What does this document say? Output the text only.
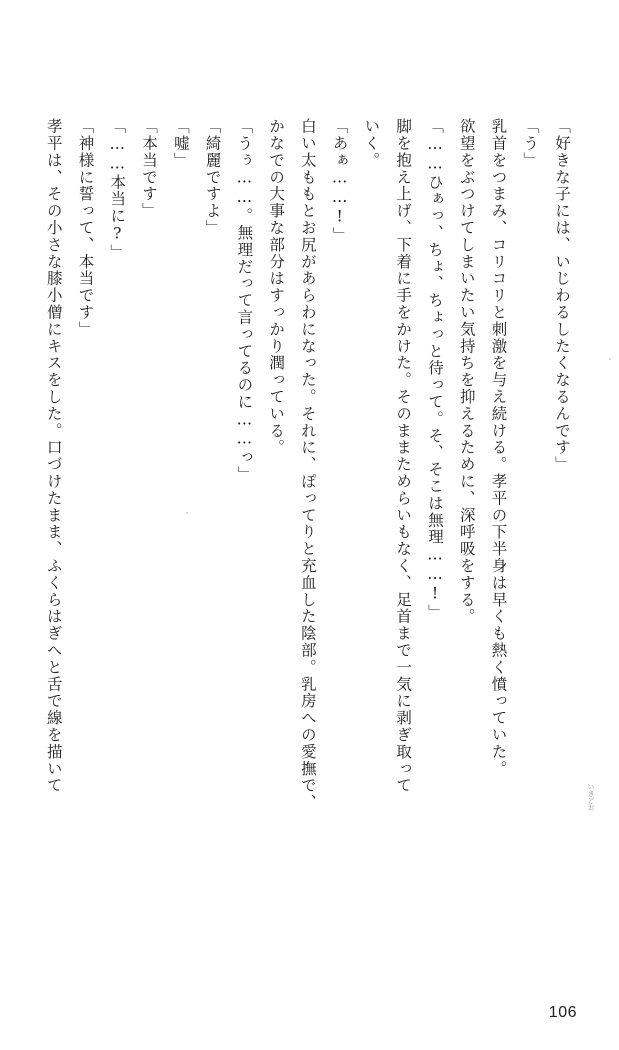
「好きな子には、いじわるしたくなるんです」
「う」
乳首をつまみ、コリコリと刺激を与え続ける。孝平の下半身は早くも熱く憤っていた。
欲望をぶつけてしまいたい気持ちを抑えるために、深呼吸をする。
「……ひぁっ、ちょ、ちょっと待って。そ、そこは無理……!」
脚を抱え上げ、下着に手をかけた。そのままためらいもなく、足首まで一気に剥ぎ取って
いく。
「あぁ……!」
白い太ももとお尻があらわになった。それに、ぽってりと充血した陰部。乳房への愛撫で、
かなでの大事な部分はすっかり潤っている。
「うぅ……。無理だって言ってるのに……っ」
「綺麗ですよ」
「嘘」
「本当です」
「……本当に?」
「神様に誓って、本当です」
孝平は、その小さな膝小僧にキスをした。口づけたまま、ふくらはぎへと舌で線を描いて
いきどお
106
